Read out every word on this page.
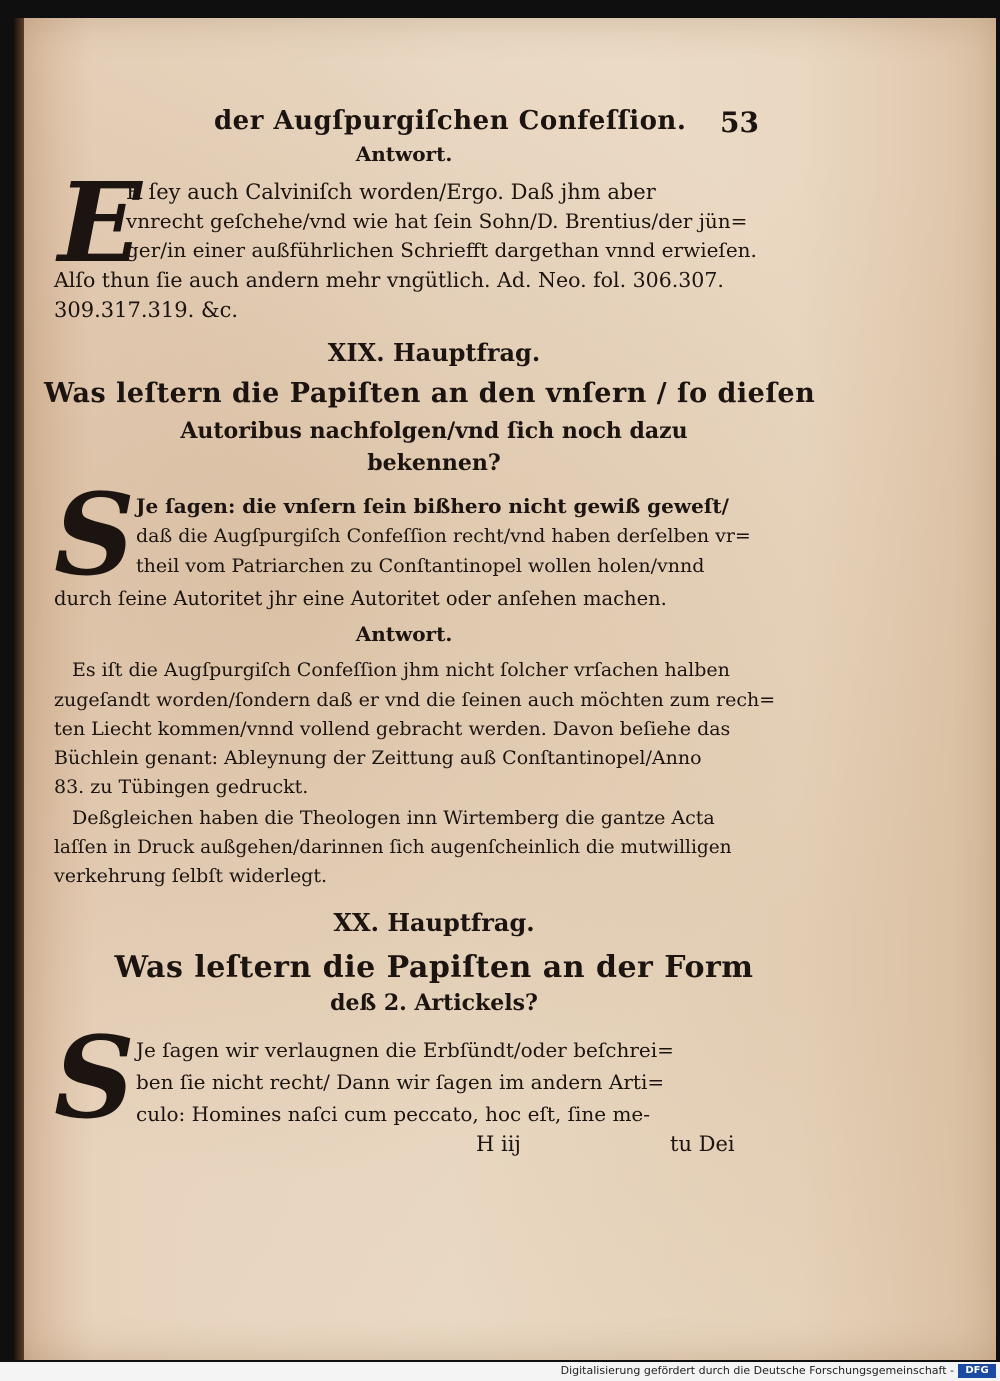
der Augſpurgiſchen Confeſſion. 53
Antwort.
E
R ſey auch Calviniſch worden/Ergo. Daß jhm aber
vnrecht geſchehe/vnd wie hat ſein Sohn/D. Brentius/der jün=
ger/in einer außführlichen Schriefft dargethan vnnd erwieſen.
Alſo thun ſie auch andern mehr vngütlich. Ad. Neo. fol. 306.307.
309.317.319. &c.
XIX. Hauptfrag.
Was leſtern die Papiſten an den vnſern / ſo dieſen
Autoribus nachfolgen/vnd ſich noch dazu
bekennen?
S Je ſagen: die vnſern ſein bißhero nicht gewiß geweſt/
daß die Augſpurgiſch Confeſſion recht/vnd haben derſelben vr=
theil vom Patriarchen zu Conſtantinopel wollen holen/vnnd
durch ſeine Autoritet jhr eine Autoritet oder anſehen machen.
Antwort.
Es iſt die Augſpurgiſch Confeſſion jhm nicht ſolcher vrſachen halben
zugeſandt worden/ſondern daß er vnd die ſeinen auch möchten zum rech=
ten Liecht kommen/vnnd vollend gebracht werden. Davon beſiehe das
Büchlein genant: Ablеynung der Zeittung auß Conſtantinopel/Anno
83. zu Tübingen gedruckt.
Deßgleichen haben die Theologen inn Wirtemberg die gantze Acta
laſſen in Druck außgehen/darinnen ſich augenſcheinlich die mutwilligen
verkehrung ſelbſt widerlegt.
XX. Hauptfrag.
Was leſtern die Papiſten an der Form
deß 2. Artickels?
S Je ſagen wir verlaugnen die Erbſündt/oder beſchrei=
ben ſie nicht recht/ Dann wir ſagen im andern Arti=
culo: Homines naſci cum peccato, hoc eſt, ſine me-
H iij	tu Dei
Digitalisierung gefördert durch die Deutsche Forschungsgemeinschaft -	DFG
